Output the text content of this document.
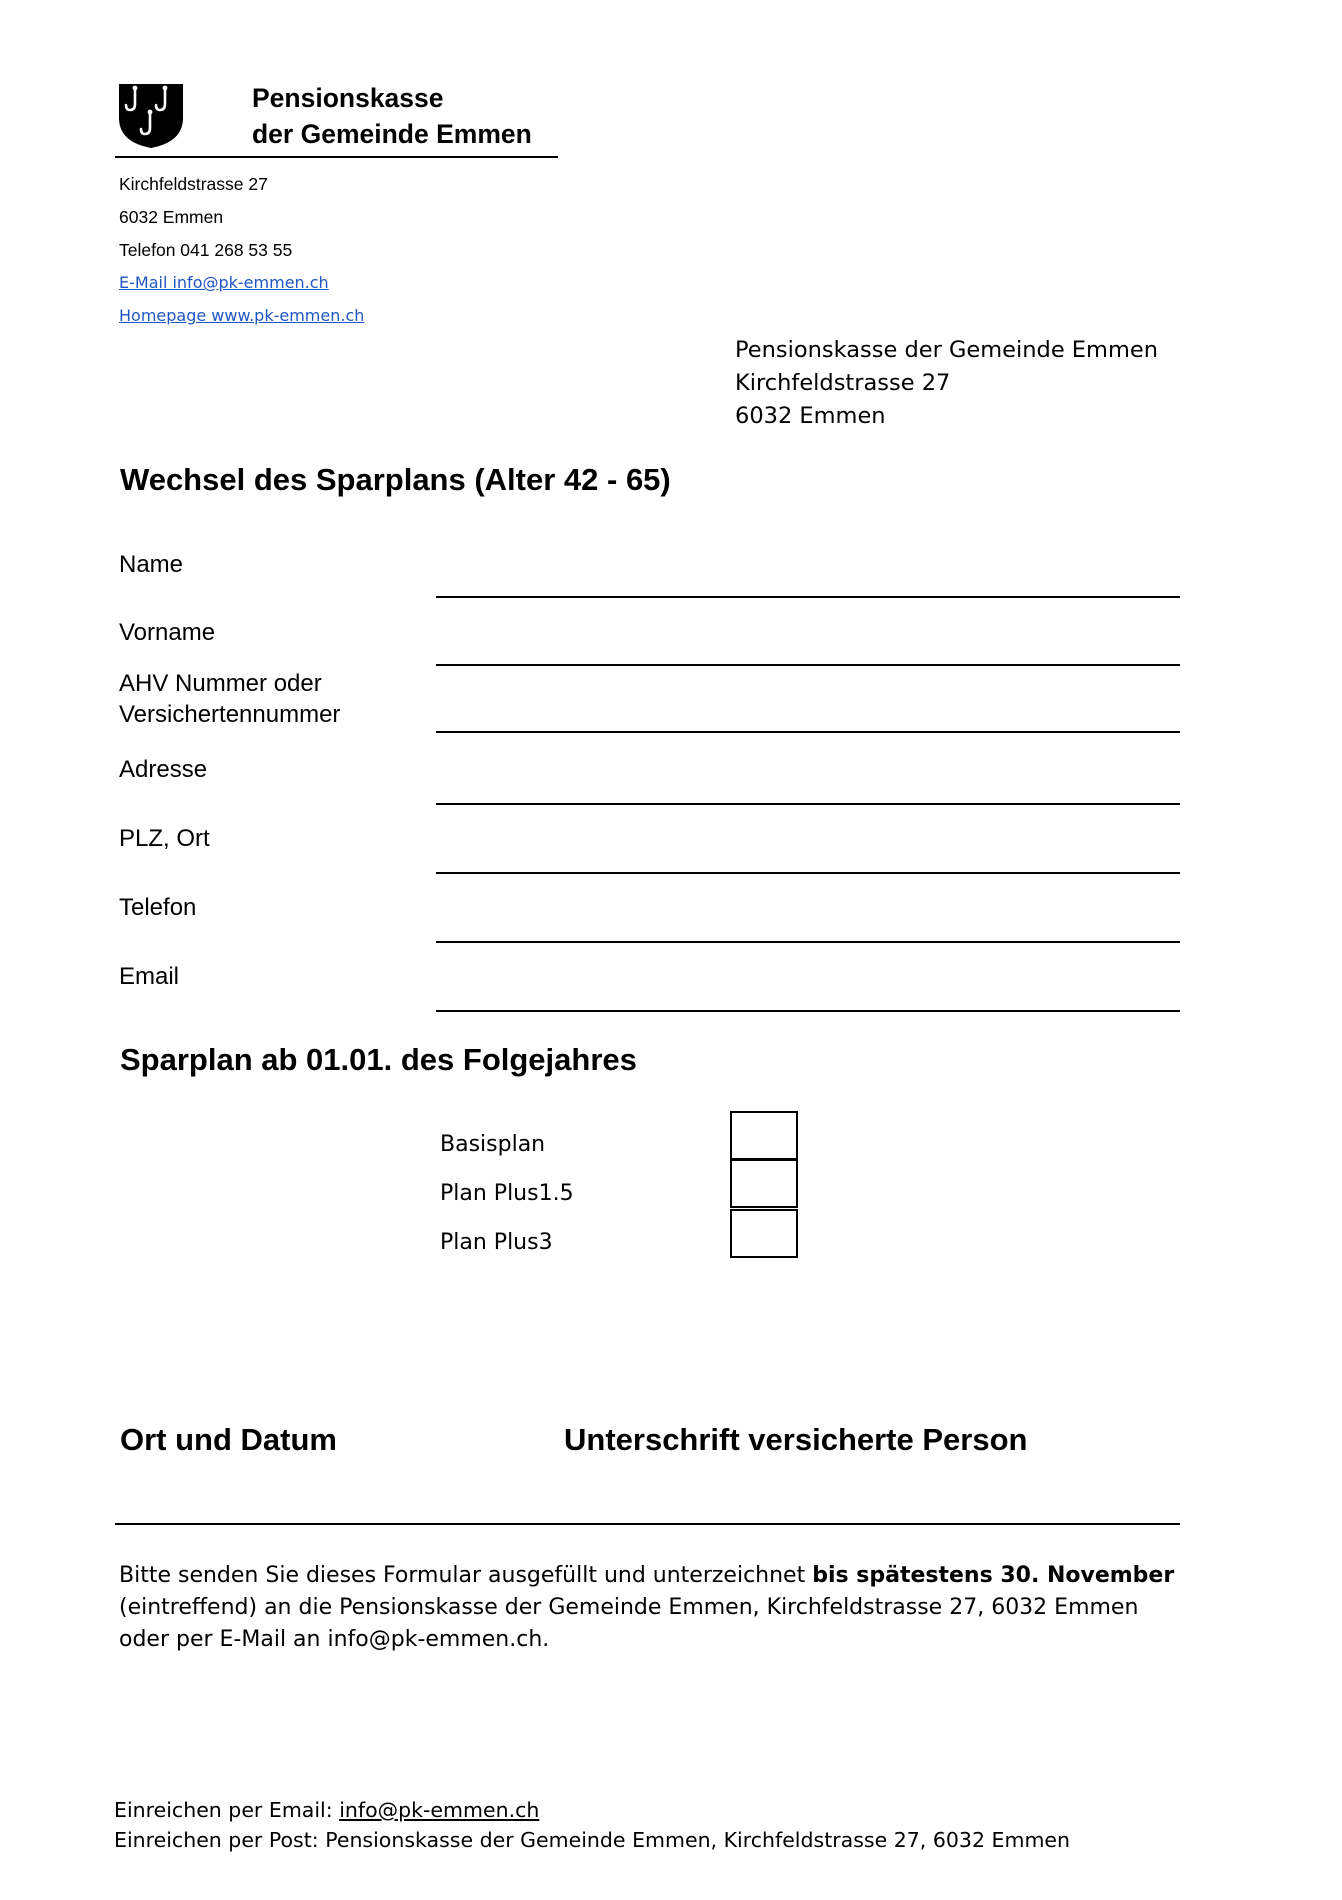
Pensionskasse
der Gemeinde Emmen
Kirchfeldstrasse 27
6032 Emmen
Telefon 041 268 53 55
E-Mail info@pk-emmen.ch
Homepage www.pk-emmen.ch
Pensionskasse der Gemeinde Emmen
Kirchfeldstrasse 27
6032 Emmen
Wechsel des Sparplans (Alter 42 - 65)
Name
Vorname
AHV Nummer oder
Versichertennummer
Adresse
PLZ, Ort
Telefon
Email
Sparplan ab 01.01. des Folgejahres
Basisplan
Plan Plus1.5
Plan Plus3
Ort und Datum	Unterschrift versicherte Person
Bitte senden Sie dieses Formular ausgefüllt und unterzeichnet bis spätestens 30. November (eintreffend) an die Pensionskasse der Gemeinde Emmen, Kirchfeldstrasse 27, 6032 Emmen oder per E-Mail an info@pk-emmen.ch.
Einreichen per Email: info@pk-emmen.ch
Einreichen per Post: Pensionskasse der Gemeinde Emmen, Kirchfeldstrasse 27, 6032 Emmen
